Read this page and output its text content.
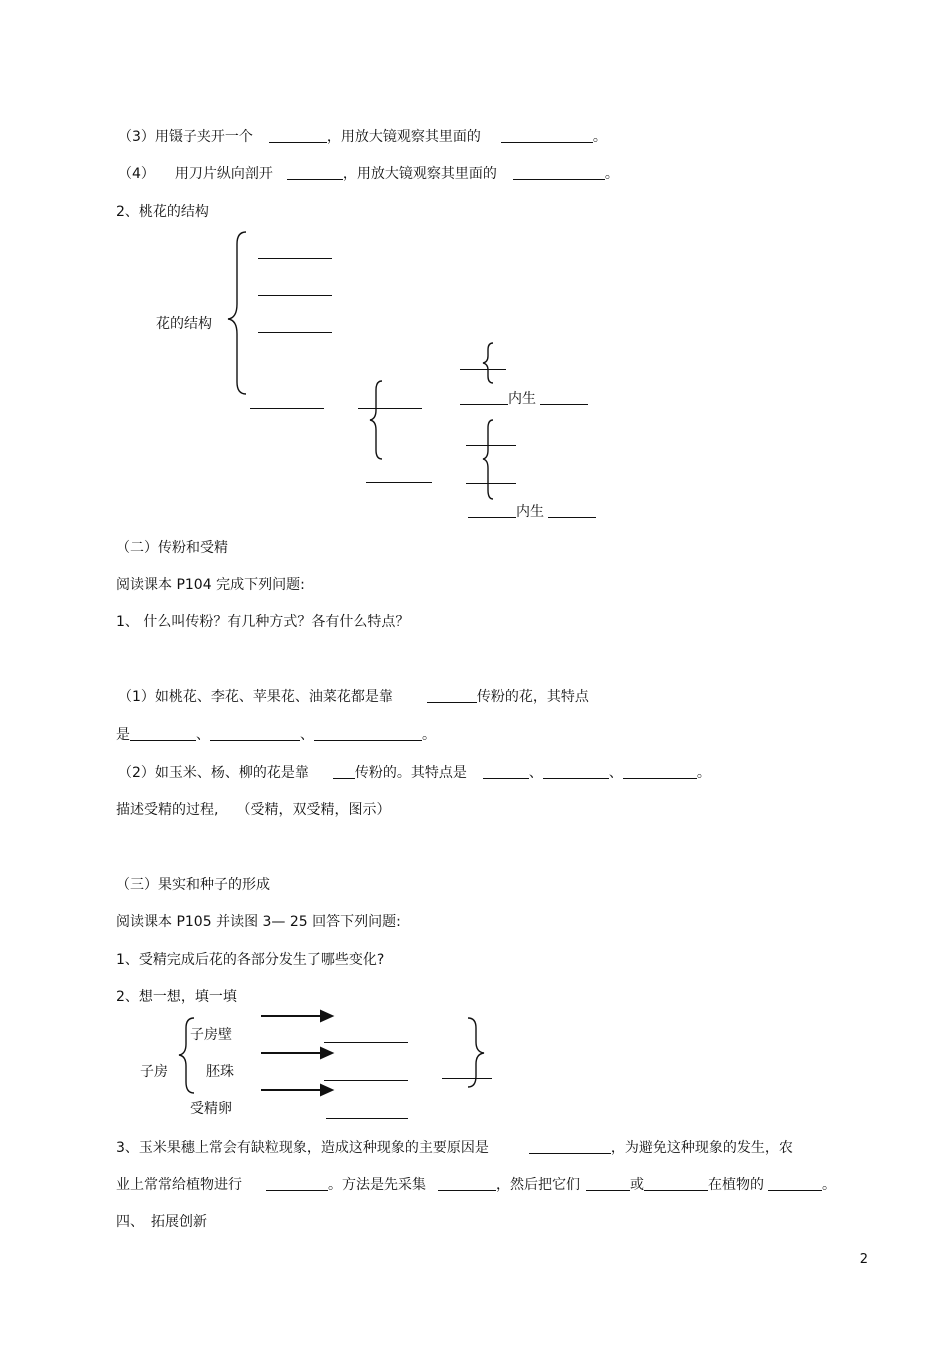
（3）用镊子夹开一个	，用放大镜观察其里面的	。
（4） 用刀片纵向剖开	，用放大镜观察其里面的	。
2、桃花的结构
花的结构
内生
内生
（二）传粉和受精
阅读课本 P104 完成下列问题:
1、 什么叫传粉？有几种方式？各有什么特点？
（1）如桃花、李花、苹果花、油菜花都是靠	传粉的花，其特点
是	、	、	。
（2）如玉米、杨、柳的花是靠	传粉的。其特点是	、	、	。
描述受精的过程, （受精，双受精，图示）
（三）果实和种子的形成
阅读课本 P105 并读图 3— 25 回答下列问题:
1、受精完成后花的各部分发生了哪些变化?
2、想一想，填一填
子房
子房壁
胚珠
受精卵
3、玉米果穗上常会有缺粒现象，造成这种现象的主要原因是	，为避免这种现象的发生，农
业上常常给植物进行	。方法是先采集	，然后把它们	或	在植物的	。
四、　拓展创新
2
